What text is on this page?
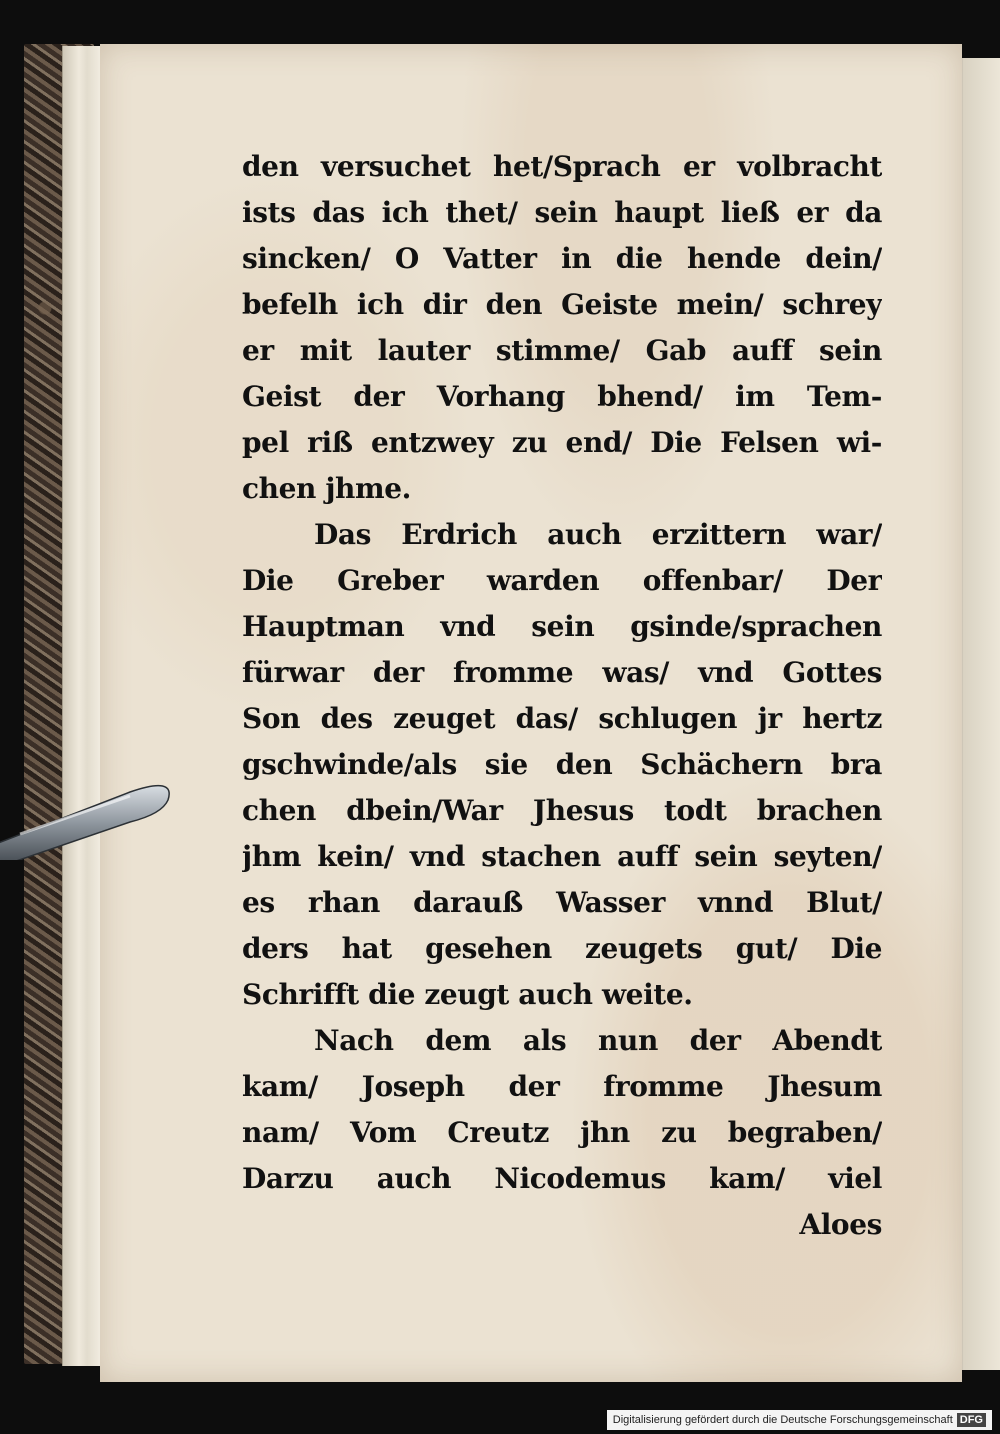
den versuchet het/Sprach er volbracht
ists das ich thet/ sein haupt ließ er da
sincken/ O Vatter in die hende dein/
befelh ich dir den Geiste mein/ schrey
er mit lauter stimme/ Gab auff sein
Geist der Vorhang bhend/ im Tem-
pel riß entzwey zu end/ Die Felsen wi-
chen jhme.
Das Erdrich auch erzittern war/
Die Greber warden offenbar/ Der
Hauptman vnd sein gsinde/sprachen
fürwar der fromme was/ vnd Gottes
Son des zeuget das/ schlugen jr hertz
gschwinde/als sie den Schächern bra
chen dbein/War Jhesus todt brachen
jhm kein/ vnd stachen auff sein seyten/
es rhan darauß Wasser vnnd Blut/
ders hat gesehen zeugets gut/ Die
Schrifft die zeugt auch weite.
Nach dem als nun der Abendt
kam/ Joseph der fromme Jhesum
nam/ Vom Creutz jhn zu begraben/
Darzu auch Nicodemus kam/ viel
Aloes
Digitalisierung gefördert durch die Deutsche Forschungsgemeinschaft DFG
